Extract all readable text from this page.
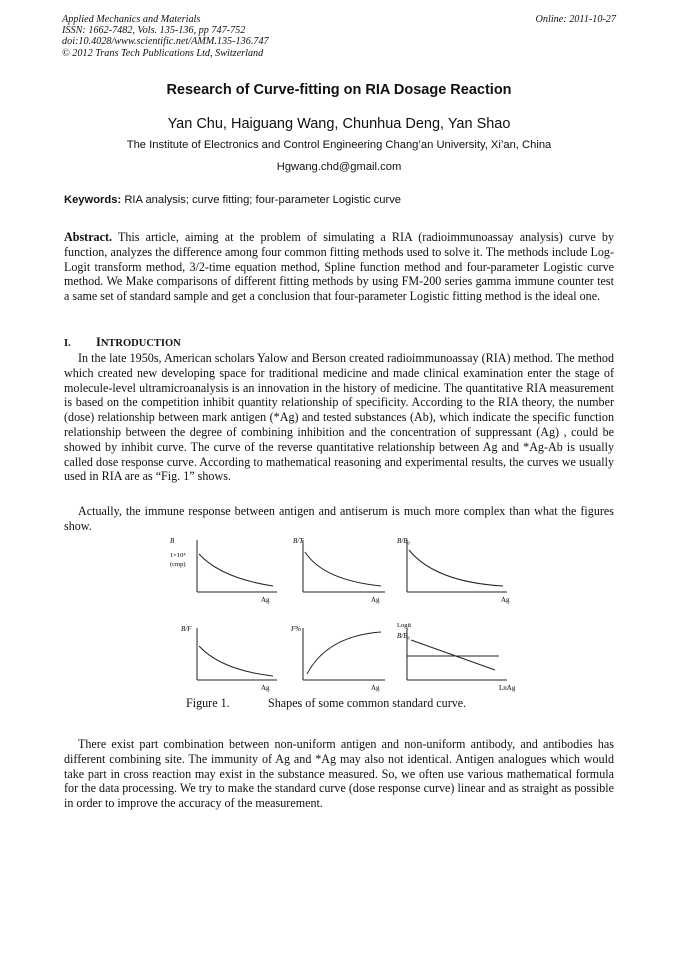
Applied Mechanics and Materials
ISSN: 1662-7482, Vols. 135-136, pp 747-752
doi:10.4028/www.scientific.net/AMM.135-136.747
© 2012 Trans Tech Publications Ltd, Switzerland
Online: 2011-10-27
Research of Curve-fitting on RIA Dosage Reaction
Yan Chu, Haiguang Wang, Chunhua Deng, Yan Shao
The Institute of Electronics and Control Engineering Chang’an University, Xi’an, China
Hgwang.chd@gmail.com
Keywords: RIA analysis; curve fitting; four-parameter Logistic curve
Abstract. This article, aiming at the problem of simulating a RIA (radioimmunoassay analysis) curve by function, analyzes the difference among four common fitting methods used to solve it. The methods include Log-Logit transform method, 3/2-time equation method, Spline function method and four-parameter Logistic curve method. We Make comparisons of different fitting methods by using FM-200 series gamma immune counter test a same set of standard sample and get a conclusion that four-parameter Logistic fitting method is the ideal one.
I. INTRODUCTION
In the late 1950s, American scholars Yalow and Berson created radioimmunoassay (RIA) method. The method which created new developing space for traditional medicine and made clinical examination enter the stage of molecule-level ultramicroanalysis is an innovation in the history of medicine. The quantitative RIA measurement is based on the competition inhibit quantity relationship of specificity. According to the RIA theory, the number (dose) relationship between mark antigen (*Ag) and tested substances (Ab), which indicate the specific function relationship between the degree of combining inhibition and the concentration of suppressant (Ag) , could be showed by inhibit curve. The curve of the reverse quantitative relationship between Ag and *Ag-Ab is usually called dose response curve. According to mathematical reasoning and experimental results, the curves we usually used in RIA are as “Fig. 1” shows.
Actually, the immune response between antigen and antiserum is much more complex than what the figures show.
B
1×10⁴
(cmp)
Ag
B/T
Ag
B/B₀
Ag
B/F
Ag
F%
Ag
Logit
B/B₀
LnAg
Figure 1.	Shapes of some common standard curve.
There exist part combination between non-uniform antigen and non-uniform antibody, and antibodies has different combining site. The immunity of Ag and *Ag may also not identical. Antigen analogues which would take part in cross reaction may exist in the substance measured. So, we often use various mathematical formula for the data processing. We try to make the standard curve (dose response curve) linear and as straight as possible in order to improve the accuracy of the measurement.
